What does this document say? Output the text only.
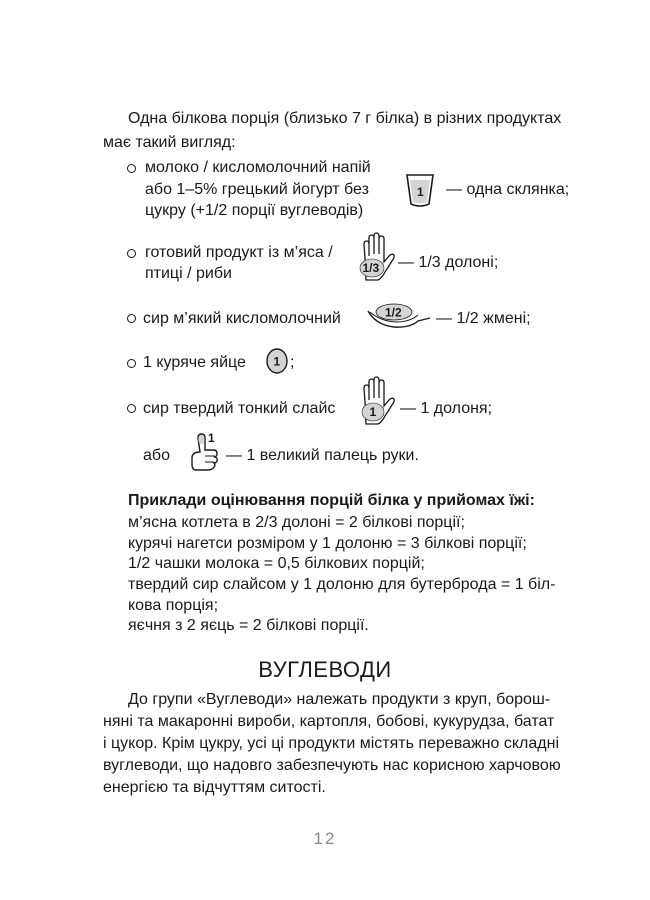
Одна білкова порція (близько 7 г білка) в різних продуктах
має такий вигляд:
молоко / кисломолочний напій
або 1–5% грецький йогурт без
цукру (+1/2 порції вуглеводів)
1 — одна склянка;
готовий продукт із м’яса /
птиці / риби	1/3 — 1/3 долоні;
сир м’який кисломолочний	1/2 — 1/2 жмені;
1 куряче яйце 1 ;
сир твердий тонкий слайс	1 — 1 долоня;
або
1
— 1 великий палець руки.
Приклади оцінювання порцій білка у прийомах їжі:
м’ясна котлета в 2/3 долоні = 2 білкові порції;
курячі нагетси розміром у 1 долоню = 3 білкові порції;
1/2 чашки молока = 0,5 білкових порцій;
твердий сир слайсом у 1 долоню для бутерброда = 1 біл-
кова порція;
яєчня з 2 яєць = 2 білкові порції.
ВУГЛЕВОДИ
До групи «Вуглеводи» належать продукти з круп, борош-
няні та макаронні вироби, картопля, бобові, кукурудза, батат
і цукор. Крім цукру, усі ці продукти містять переважно складні
вуглеводи, що надовго забезпечують нас корисною харчовою
енергією та відчуттям ситості.
12
